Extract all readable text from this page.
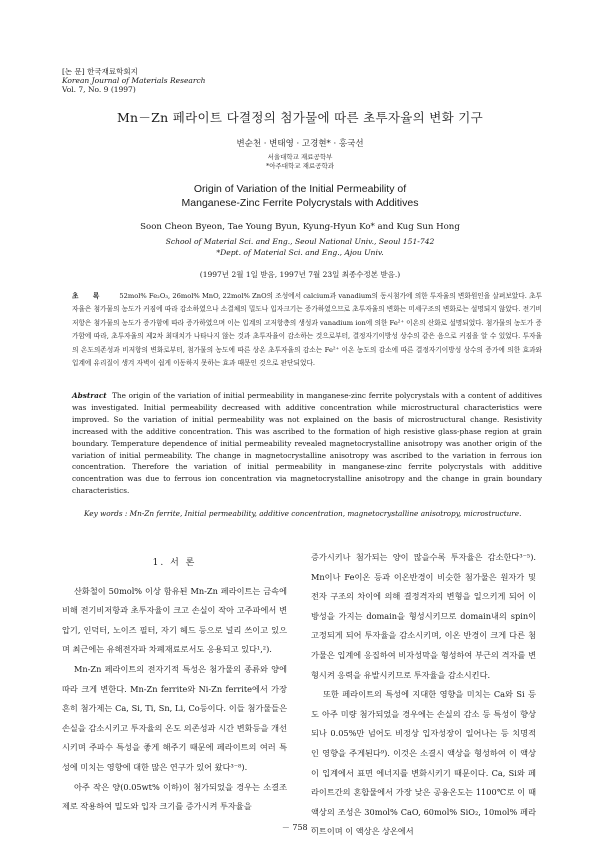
[논 문] 한국재료학회지
Korean Journal of Materials Research
Vol. 7, No. 9 (1997)
Mn－Zn 페라이트 다결정의 첨가물에 따른 초투자율의 변화 기구
변순천 · 변태영 · 고경현* · 홍국선
서울대학교 재료공학부
*아주대학교 재료공학과
Origin of Variation of the Initial Permeability of
Manganese-Zinc Ferrite Polycrystals with Additives
Soon Cheon Byeon, Tae Young Byun, Kyung-Hyun Ko* and Kug Sun Hong
School of Material Sci. and Eng., Seoul National Univ., Seoul 151-742
*Dept. of Material Sci. and Eng., Ajou Univ.
(1997년 2월 1일 받음, 1997년 7월 23일 최종수정본 받음.)
초 록 52mol% Fe₂O₃, 26mol% MnO, 22mol% ZnO의 조성에서 calcium과 vanadium의 동시첨가에 의한 투자율의 변화원인을 살펴보았다. 초투자율은 첨가물의 농도가 커짐에 따라 감소하였으나 소결체의 밀도나 입자크기는 증가하였으므로 초투자율의 변화는 미세구조의 변화로는 설명되지 않았다. 전기비저항은 첨가물의 농도가 증가함에 따라 증가하였으며 이는 입계의 고저항층의 생성과 vanadium ion에 의한 Fe²⁺ 이온의 산화로 설명되었다. 첨가물의 농도가 증가함에 따라, 초투자율의 제2차 최대치가 나타나지 않는 것과 초투자율이 감소하는 것으로부터, 결정자기이방성 상수의 같은 음으로 커짐을 알 수 있었다. 투자율의 온도의존성과 비저항의 변화로부터, 첨가물의 농도에 따른 상온 초투자율의 감소는 Fe²⁺ 이온 농도의 감소에 따른 결정자기이방성 상수의 증가에 의한 효과와 입계에 유리질이 생겨 자벽이 쉽게 이동하지 못하는 효과 때문인 것으로 판단되었다.
Abstract The origin of the variation of initial permeability in manganese-zinc ferrite polycrystals with a content of additives was investigated. Initial permeability decreased with additive concentration while microstructural characteristics were improved. So the variation of initial permeability was not explained on the basis of microstructural change. Resistivity increased with the additive concentration. This was ascribed to the formation of high resistive glass-phase region at grain boundary. Temperature dependence of initial permeability revealed magnetocrystalline anisotropy was another origin of the variation of initial permeability. The change in magnetocrystalline anisotropy was ascribed to the variation in ferrous ion concentration. Therefore the variation of initial permeability in manganese-zinc ferrite polycrystals with additive concentration was due to ferrous ion concentration via magnetocrystalline anisotropy and the change in grain boundary characteristics.
Key words : Mn-Zn ferrite, Initial permeability, additive concentration, magnetocrystalline anisotropy, microstructure.
1. 서 론

산화철이 50mol% 이상 함유된 Mn-Zn 페라이트는 금속에 비해 전기비저항과 초투자율이 크고 손실이 작아 고주파에서 변압기, 인덕터, 노이즈 필터, 자기 헤드 등으로 널리 쓰이고 있으며 최근에는 유해전자파 차폐재료로서도 응용되고 있다¹,²).

Mn-Zn 페라이트의 전자기적 특성은 첨가물의 종류와 양에 따라 크게 변한다. Mn-Zn ferrite와 Ni-Zn ferrite에서 가장 흔히 첨가제는 Ca, Si, Ti, Sn, Li, Co등이다. 이들 첨가물들은 손실을 감소시키고 투자율의 온도 의존성과 시간 변화등을 개선시키며 주파수 특성을 좋게 해주기 때문에 페라이트의 여러 특성에 미치는 영향에 대한 많은 연구가 있어 왔다³⁻⁸).

아주 작은 양(0.05wt% 이하)이 첨가되었을 경우는 소결조제로 작용하여 밀도와 입자 크기를 증가시켜 투자율을

증가시키나 첨가되는 양이 많을수록 투자율은 감소한다³⁻⁵). Mn이나 Fe이온 등과 이온반경이 비슷한 첨가물은 원자가 및 전자 구조의 차이에 의해 결정격자의 변형을 일으키게 되어 이방성을 가지는 domain을 형성시키므로 domain내의 spin이 고정되게 되어 투자율을 감소시키며, 이온 반경이 크게 다른 첨가물은 입계에 응집하여 비자성막을 형성하여 부근의 격자를 변형시켜 응력을 유발시키므로 투자율을 감소시킨다.

또한 페라이트의 특성에 지대한 영향을 미치는 Ca와 Si 등도 아주 미량 첨가되었을 경우에는 손실의 감소 등 특성이 향상되나 0.05%만 넘어도 비정상 입자성장이 일어나는 등 치명적인 영향을 주게된다⁹). 이것은 소결시 액상을 형성하여 이 액상이 입계에서 표면 에너지를 변화시키기 때문이다. Ca, Si와 페라이트간의 혼합물에서 가장 낮은 공융온도는 1100℃로 이 때 액상의 조성은 30mol% CaO, 60mol% SiO₂, 10mol% 페라이트이며 이 액상은 상온에서

－ 758 －
